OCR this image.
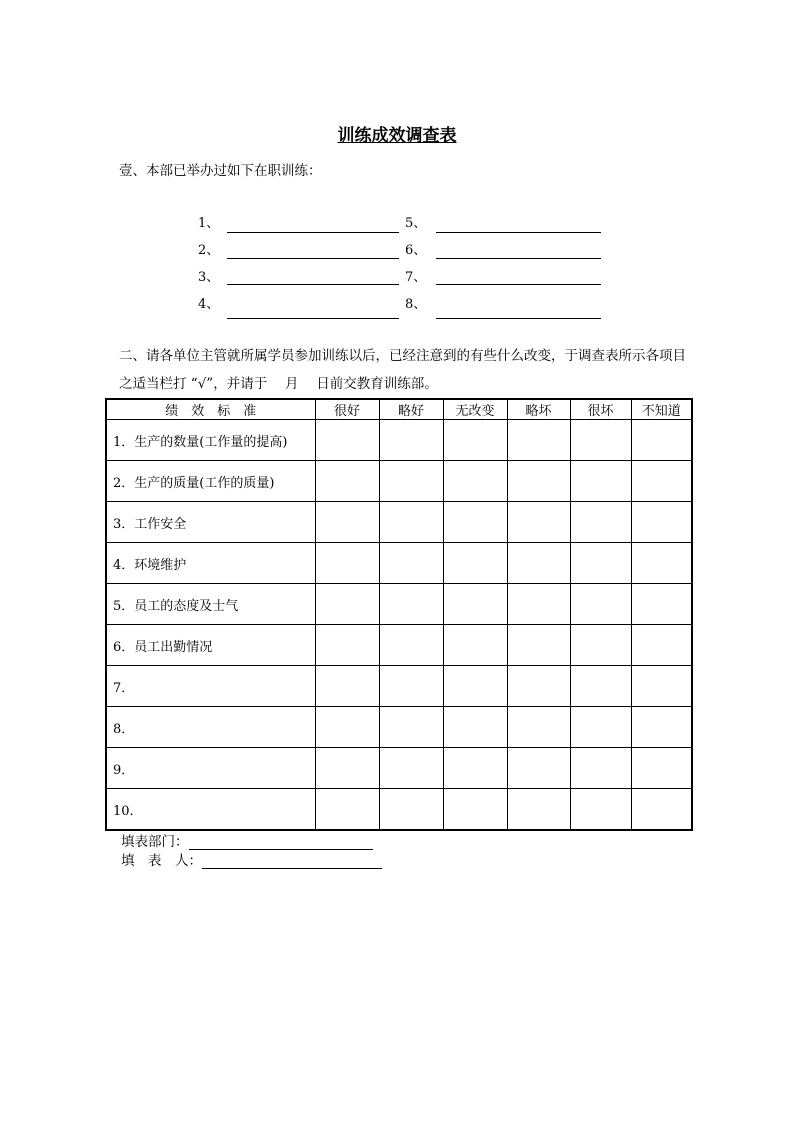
训练成效调查表
壹、本部已举办过如下在职训练：
1、
2、
3、
4、
5、
6、
7、
8、
二、请各单位主管就所属学员参加训练以后，已经注意到的有些什么改变，于调查表所示各项目之适当栏打 “√”，并请于　 月　 日前交教育训练部。
绩　效　标　准	很好	略好	无改变	略坏	很坏	不知道
1．生产的数量(工作量的提高)						
2．生产的质量(工作的质量)						
3．工作安全						
4．环境维护						
5．员工的态度及士气						
6．员工出勤情况						
7．						
8．						
9．						
10．						
填表部门：
填　表　人：
